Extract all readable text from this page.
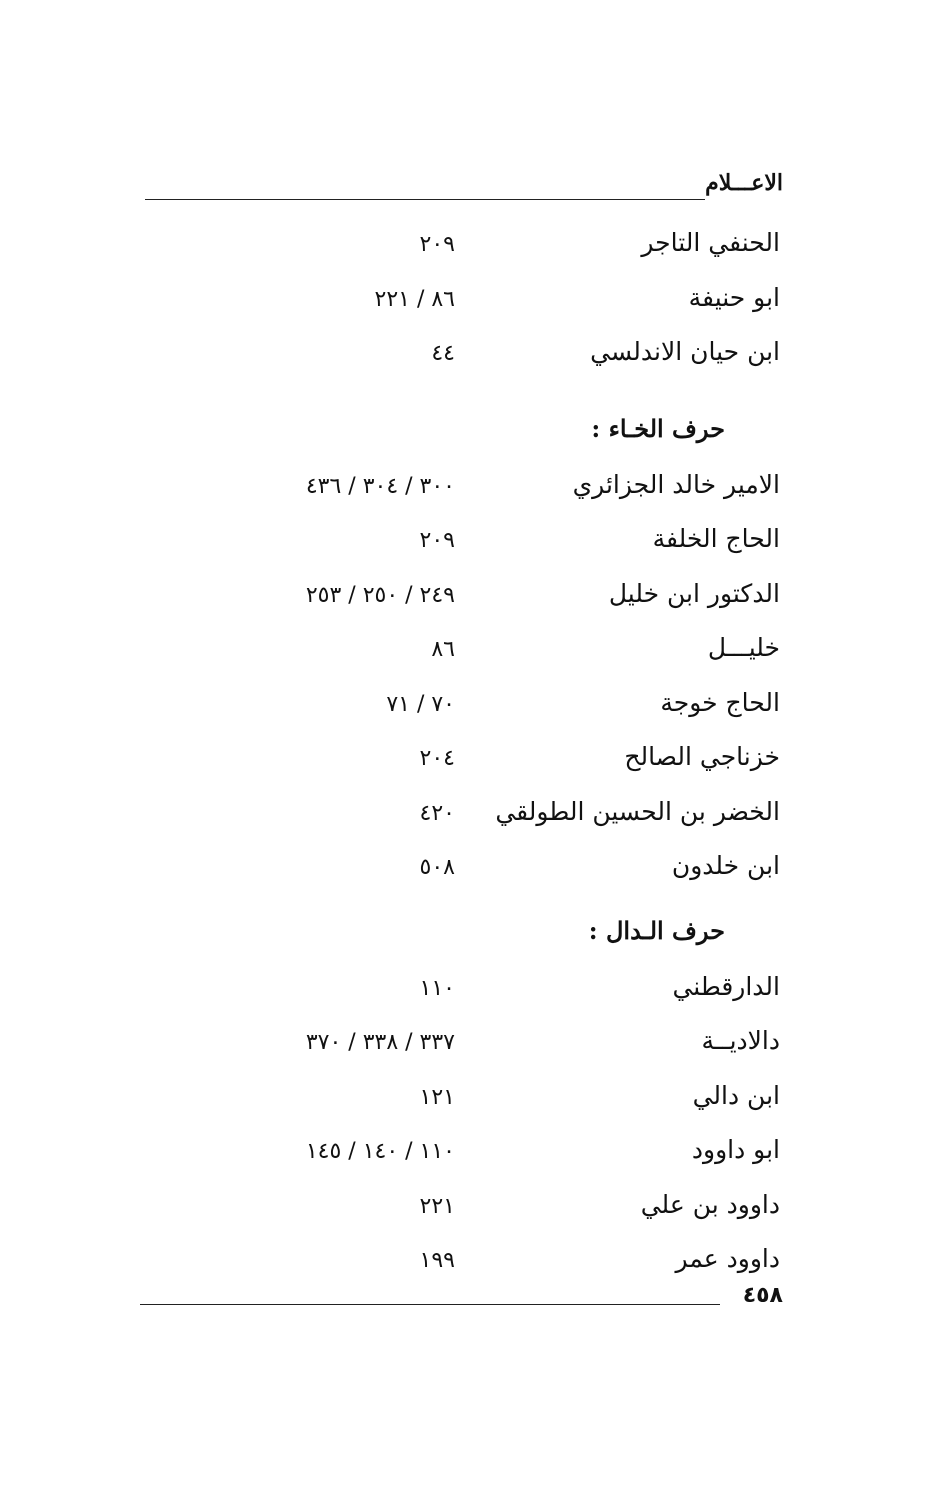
الاعـــلام
الحنفي التاجر
٢٠٩
ابو حنيفة
٨٦ / ٢٢١
ابن حيان الاندلسي
٤٤
حرف الخـاء :
الامير خالد الجزائري
٣٠٠ / ٣٠٤ / ٤٣٦
الحاج الخلفة
٢٠٩
الدكتور ابن خليل
٢٤٩ / ٢٥٠ / ٢٥٣
خليـــل
٨٦
الحاج خوجة
٧٠ / ٧١
خزناجي الصالح
٢٠٤
الخضر بن الحسين الطولقي
٤٢٠
ابن خلدون
٥٠٨
حرف الـدال :
الدارقطني
١١٠
دالاديــة
٣٣٧ / ٣٣٨ / ٣٧٠
ابن دالي
١٢١
ابو داوود
١١٠ / ١٤٠ / ١٤٥
داوود بن علي
٢٢١
داوود عمر
١٩٩
٤٥٨
